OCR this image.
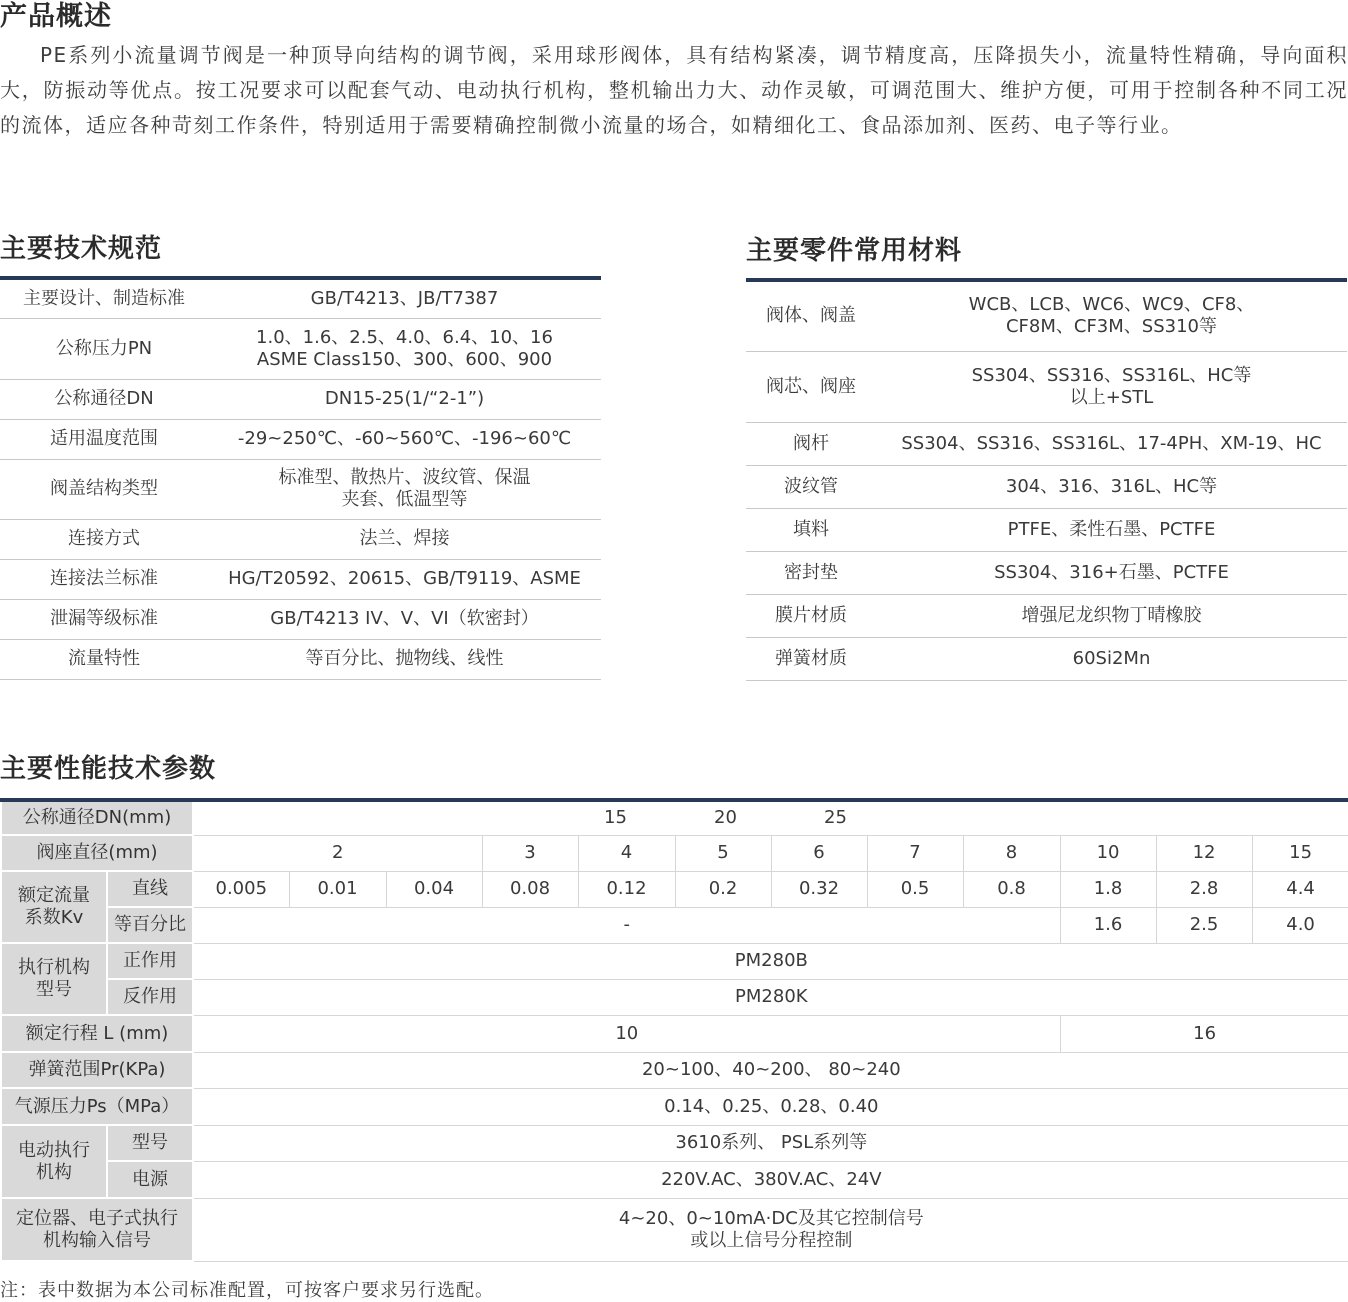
产品概述

PE系列小流量调节阀是一种顶导向结构的调节阀，采用球形阀体，具有结构紧凑，调节精度高，压降损失小，流量特性精确，导向面积大，防振动等优点。按工况要求可以配套气动、电动执行机构，整机输出力大、动作灵敏，可调范围大、维护方便，可用于控制各种不同工况的流体，适应各种苛刻工作条件，特别适用于需要精确控制微小流量的场合，如精细化工、食品添加剂、医药、电子等行业。

主要技术规范
主要设计、制造标准	GB/T4213、JB/T7387
公称压力PN	1.0、1.6、2.5、4.0、6.4、10、16
ASME Class150、300、600、900

公称通径DN	DN15-25(1/“2-1”)
适用温度范围	-29~250℃、-60~560℃、-196~60℃
阀盖结构类型	标准型、散热片、波纹管、保温
夹套、低温型等

连接方式	法兰、焊接
连接法兰标准	HG/T20592、20615、GB/T9119、ASME
泄漏等级标准	GB/T4213 IV、V、VI（软密封）
流量特性	等百分比、抛物线、线性
主要零件常用材料
阀体、阀盖	WCB、LCB、WC6、WC9、CF8、
CF8M、CF3M、SS310等

阀芯、阀座	SS304、SS316、SS316L、HC等
以上+STL

阀杆	SS304、SS316、SS316L、17-4PH、XM-19、HC
波纹管	304、316、316L、HC等
填料	PTFE、柔性石墨、PCTFE
密封垫	SS304、316+石墨、PCTFE
膜片材质	增强尼龙织物丁晴橡胶
弹簧材质	60Si2Mn
主要性能技术参数
公称通径DN(mm)		15 20 25											

阀座直径(mm)		2			3	4	5	6	7	8	10	12	15

额定流量系数Kv	直线	0.005	0.01	0.04	0.08	0.12	0.2	0.32	0.5	0.8	1.8	2.8	4.4
	等百分比	-									1.6	2.5	4.0

执行机构型号	正作用	PM280B											
	反作用	PM280K											
额定行程 L (mm)		10									16		
弹簧范围Pr(KPa)		20~100、40~200、 80~240											
气源压力Ps（MPa）		0.14、0.25、0.28、0.40											

电动执行机构	型号	3610系列、 PSL系列等											
	电源	220V.AC、380V.AC、24V											

定位器、电子式执行机构输入信号		4~20、0~10mA·DC及其它控制信号
或以上信号分程控制											

注：表中数据为本公司标准配置，可按客户要求另行选配。
